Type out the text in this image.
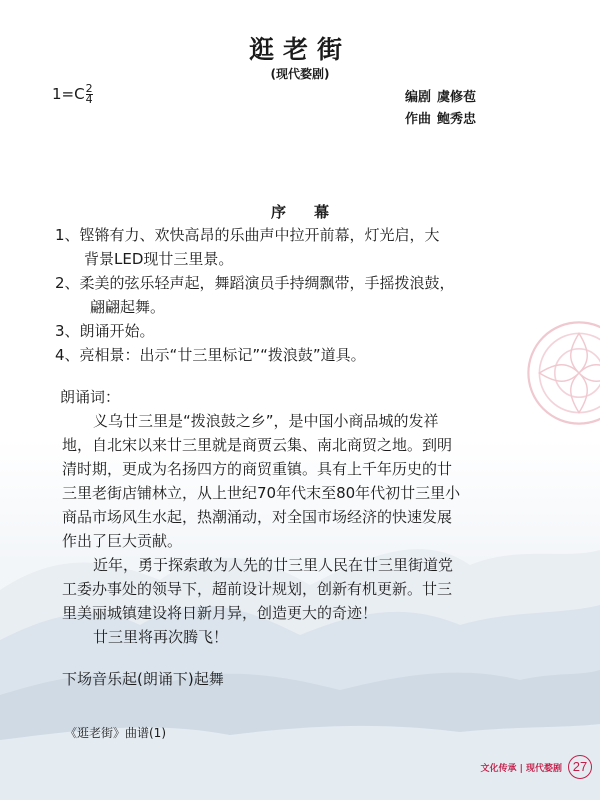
逛老街
(现代婺剧)
$1=C \frac{2}{4}$	编剧 虞修苞
作曲 鲍秀忠
序 幕
1、铿锵有力、欢快高昂的乐曲声中拉开前幕，灯光启，大
背景LED现廿三里景。
2、柔美的弦乐轻声起，舞蹈演员手持绸飘带，手摇拨浪鼓，
翩翩起舞。
3、朗诵开始。
4、亮相景：出示“廿三里标记”“拨浪鼓”道具。
朗诵词：
义乌廿三里是“拨浪鼓之乡”，是中国小商品城的发祥
地，自北宋以来廿三里就是商贾云集、南北商贸之地。到明
清时期，更成为名扬四方的商贸重镇。具有上千年历史的廿
三里老街店铺林立，从上世纪70年代末至80年代初廿三里小
商品市场风生水起，热潮涌动，对全国市场经济的快速发展
作出了巨大贡献。
近年，勇于探索敢为人先的廿三里人民在廿三里街道党
工委办事处的领导下，超前设计规划，创新有机更新。廿三
里美丽城镇建设将日新月异，创造更大的奇迹！
廿三里将再次腾飞！
下场音乐起(朗诵下)起舞
《逛老街》曲谱(1)
文化传承 | 现代婺剧 27
